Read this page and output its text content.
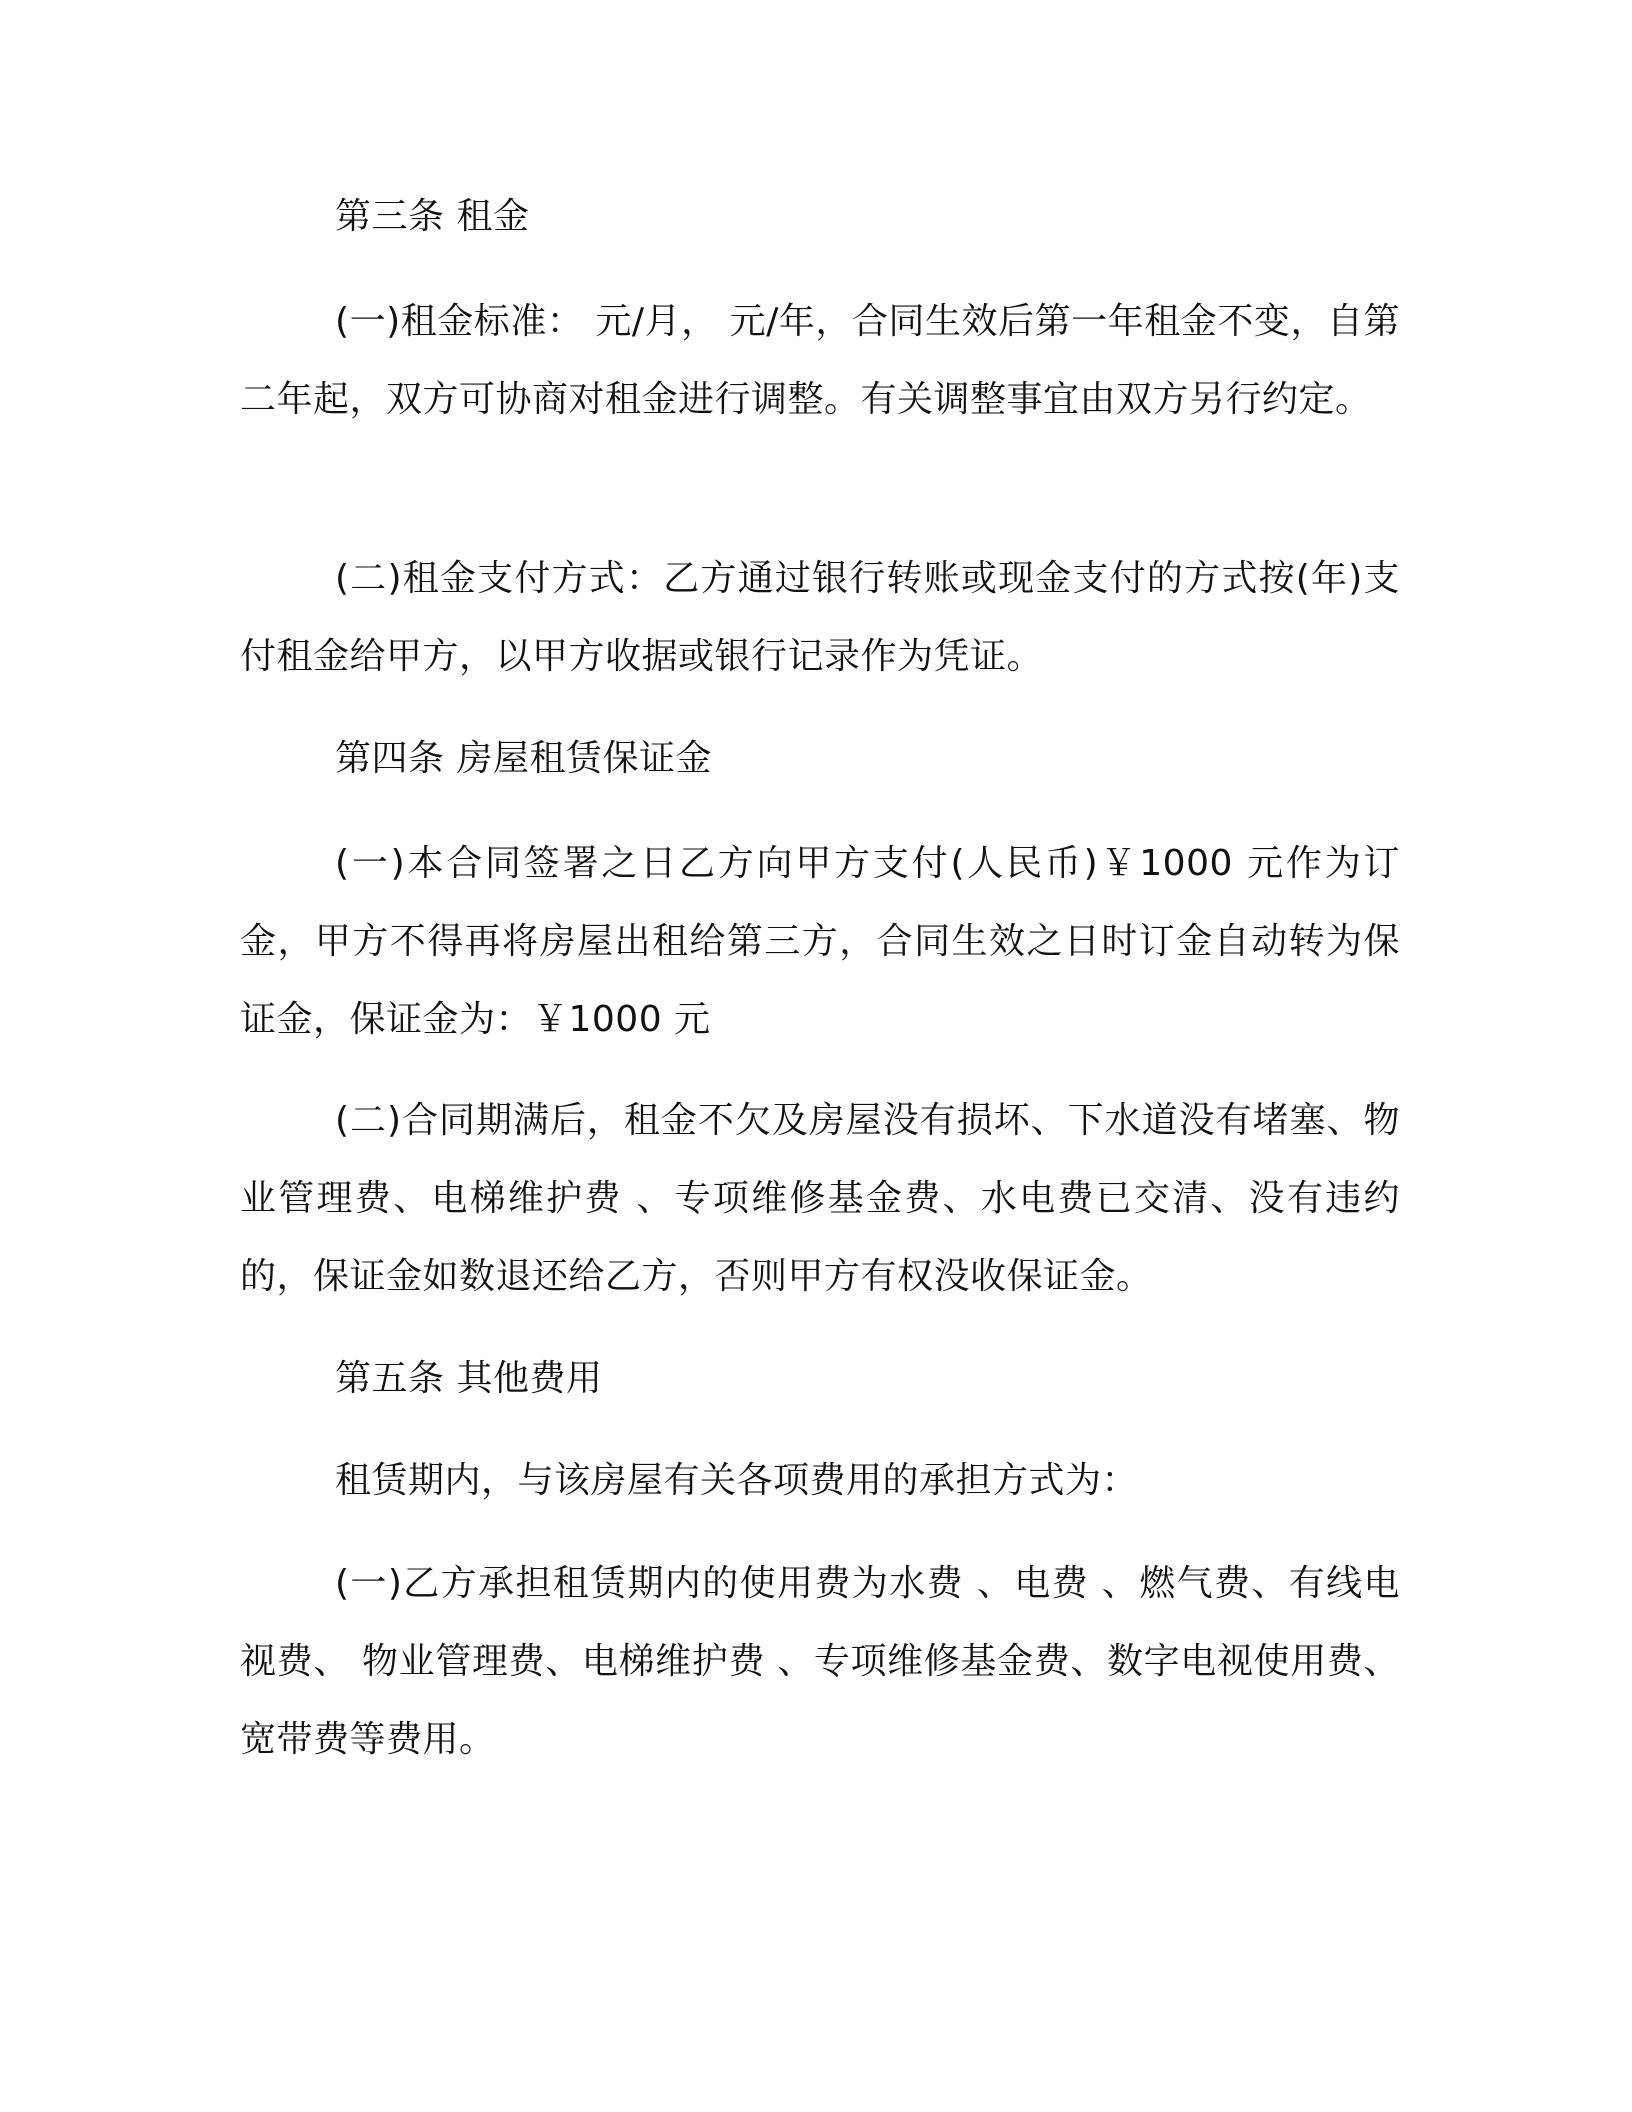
第三条 租金
(一)租金标准： 元/月， 元/年，合同生效后第一年租金不变，自第二年起，双方可协商对租金进行调整。有关调整事宜由双方另行约定。
(二)租金支付方式：乙方通过银行转账或现金支付的方式按(年)支付租金给甲方，以甲方收据或银行记录作为凭证。
第四条 房屋租赁保证金
(一)本合同签署之日乙方向甲方支付(人民币)￥1000 元作为订金，甲方不得再将房屋出租给第三方，合同生效之日时订金自动转为保证金，保证金为：￥1000 元
(二)合同期满后，租金不欠及房屋没有损坏、下水道没有堵塞、物业管理费、电梯维护费 、专项维修基金费、水电费已交清、没有违约的，保证金如数退还给乙方，否则甲方有权没收保证金。
第五条 其他费用
租赁期内，与该房屋有关各项费用的承担方式为：
(一)乙方承担租赁期内的使用费为水费 、电费 、燃气费、有线电视费、 物业管理费、电梯维护费 、专项维修基金费、数字电视使用费、宽带费等费用。
